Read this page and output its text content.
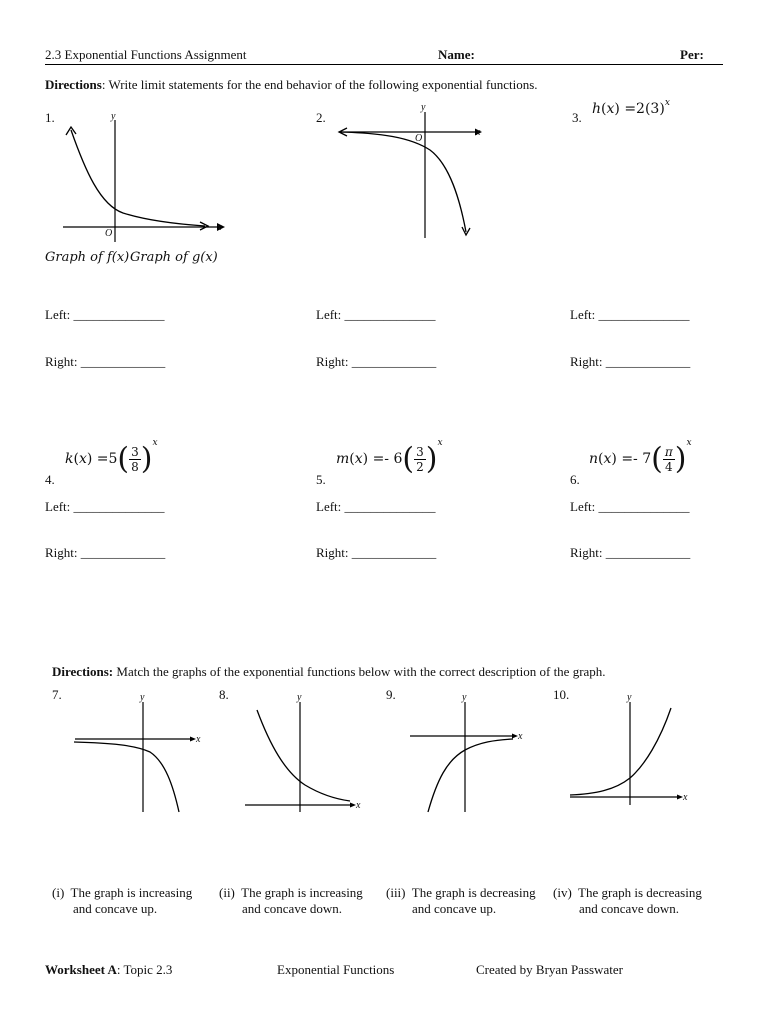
2.3 Exponential Functions Assignment	Name:	Per:
Directions: Write limit statements for the end behavior of the following exponential functions.
1.	y
x
O
Graph of f(x) Graph of g(x)
2.
y
x
O
3.
$h(x) =2(3)^x$
Left: ______________
Right: _____________
Left: ______________
Right: _____________
Left: ______________
Right: _____________
4.
$k(x) =5( \frac{3}{8} )^x$
5.
$m(x) =- 6( \frac{3}{2} )^x$
6.
$n(x) =- 7( \frac{\pi}{4} )^x$
Left: ______________
Right: _____________
Left: ______________
Right: _____________
Left: ______________
Right: _____________
Directions: Match the graphs of the exponential functions below with the correct description of the graph.
7.	y
x
8.	y
x
9.	y
x
10.	y
x
(i) The graph is increasing
and concave up.
(ii) The graph is increasing
and concave down.
(iii) The graph is decreasing
and concave up.
(iv) The graph is decreasing
and concave down.
Worksheet A: Topic 2.3	Exponential Functions	Created by Bryan Passwater
